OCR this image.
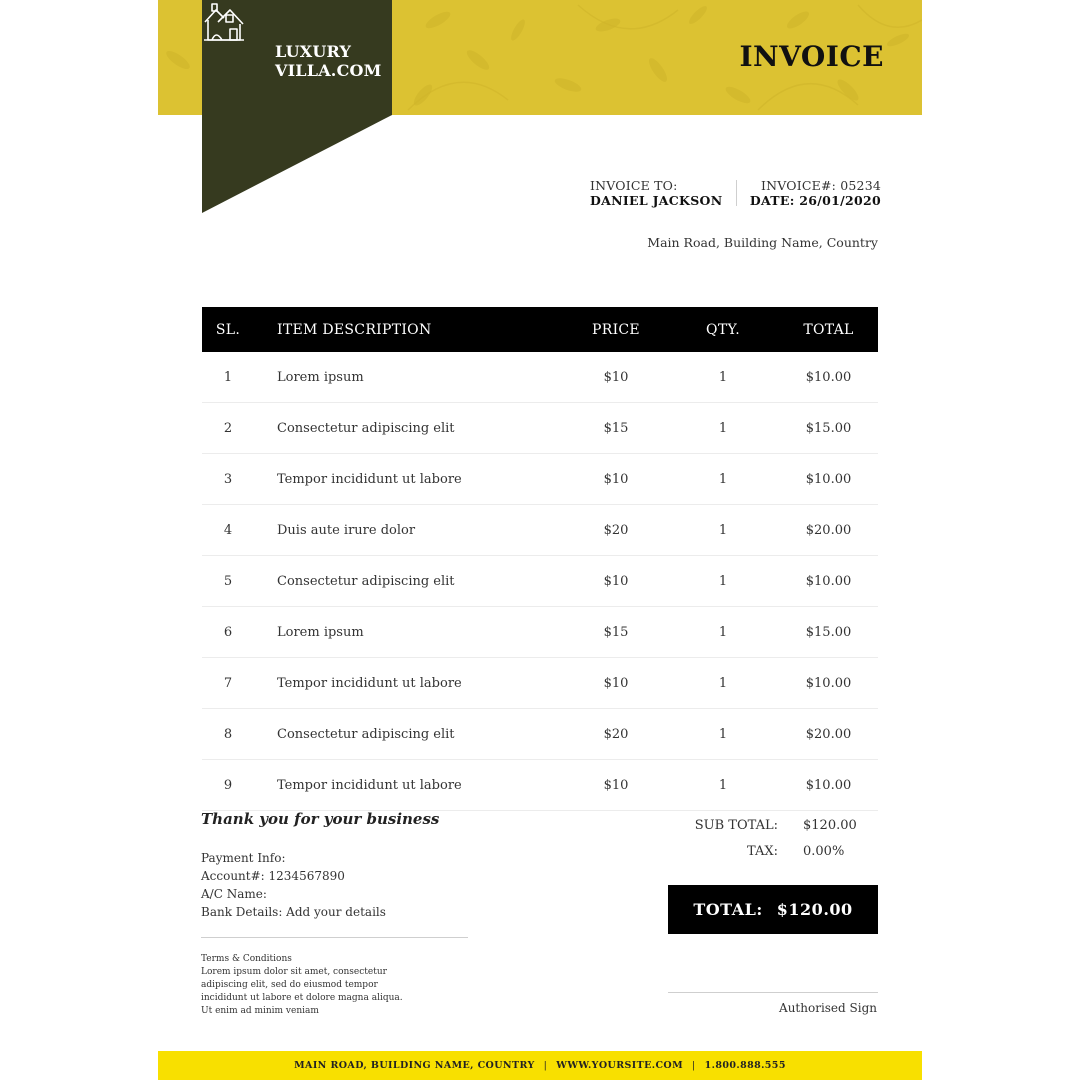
INVOICE
LUXURY
VILLA.COM
INVOICE TO:
DANIEL JACKSON
INVOICE#: 05234
DATE: 26/01/2020
Main Road, Building Name, Country
SL.	ITEM DESCRIPTION	PRICE	QTY.	TOTAL
1	Lorem ipsum	$10	1	$10.00
2	Consectetur adipiscing elit	$15	1	$15.00
3	Tempor incididunt ut labore	$10	1	$10.00
4	Duis aute irure dolor	$20	1	$20.00
5	Consectetur adipiscing elit	$10	1	$10.00
6	Lorem ipsum	$15	1	$15.00
7	Tempor incididunt ut labore	$10	1	$10.00
8	Consectetur adipiscing elit	$20	1	$20.00
9	Tempor incididunt ut labore	$10	1	$10.00
Thank you for your business
Payment Info:
Account#: 1234567890
A/C Name:
Bank Details: Add your details
Terms & Conditions
Lorem ipsum dolor sit amet, consectetur
adipiscing elit, sed do eiusmod tempor
incididunt ut labore et dolore magna aliqua.
Ut enim ad minim veniam
SUB TOTAL:	$120.00
TAX:	0.00%
TOTAL: $120.00
Authorised Sign
MAIN ROAD, BUILDING NAME, COUNTRY | WWW.YOURSITE.COM | 1.800.888.555
